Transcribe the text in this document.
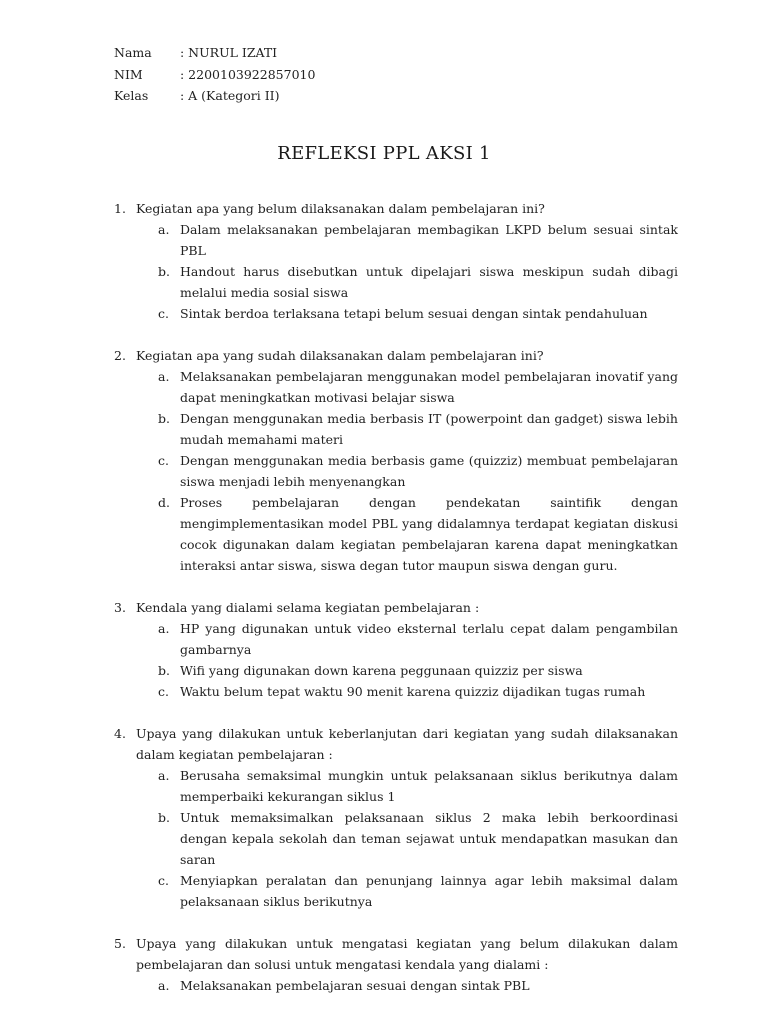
Nama	: NURUL IZATI
NIM	: 2200103922857010
Kelas	: A (Kategori II)
REFLEKSI PPL AKSI 1
1. Kegiatan apa yang belum dilaksanakan dalam pembelajaran ini?
a. Dalam melaksanakan pembelajaran membagikan LKPD belum sesuai sintak PBL
b. Handout harus disebutkan untuk dipelajari siswa meskipun sudah dibagi melalui media sosial siswa
c. Sintak berdoa terlaksana tetapi belum sesuai dengan sintak pendahuluan
2. Kegiatan apa yang sudah dilaksanakan dalam pembelajaran ini?
a. Melaksanakan pembelajaran menggunakan model pembelajaran inovatif yang dapat meningkatkan motivasi belajar siswa
b. Dengan menggunakan media berbasis IT (powerpoint dan gadget) siswa lebih mudah memahami materi
c. Dengan menggunakan media berbasis game (quizziz) membuat pembelajaran siswa menjadi lebih menyenangkan
d. Proses pembelajaran dengan pendekatan saintifik dengan mengimplementasikan model PBL yang didalamnya terdapat kegiatan diskusi cocok digunakan dalam kegiatan pembelajaran karena dapat meningkatkan interaksi antar siswa, siswa degan tutor maupun siswa dengan guru.
3. Kendala yang dialami selama kegiatan pembelajaran :
a. HP yang digunakan untuk video eksternal terlalu cepat dalam pengambilan gambarnya
b. Wifi yang digunakan down karena peggunaan quizziz per siswa
c. Waktu belum tepat waktu 90 menit karena quizziz dijadikan tugas rumah
4. Upaya yang dilakukan untuk keberlanjutan dari kegiatan yang sudah dilaksanakan dalam kegiatan pembelajaran :
a. Berusaha semaksimal mungkin untuk pelaksanaan siklus berikutnya dalam memperbaiki kekurangan siklus 1
b. Untuk memaksimalkan pelaksanaan siklus 2 maka lebih berkoordinasi dengan kepala sekolah dan teman sejawat untuk mendapatkan masukan dan saran
c. Menyiapkan peralatan dan penunjang lainnya agar lebih maksimal dalam pelaksanaan siklus berikutnya
5. Upaya yang dilakukan untuk mengatasi kegiatan yang belum dilakukan dalam pembelajaran dan solusi untuk mengatasi kendala yang dialami :
a. Melaksanakan pembelajaran sesuai dengan sintak PBL
